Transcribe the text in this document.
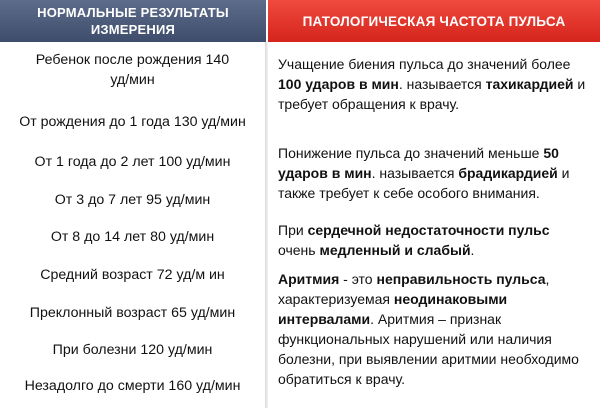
НОРМАЛЬНЫЕ РЕЗУЛЬТАТЫ
ИЗМЕРЕНИЯ
ПАТОЛОГИЧЕСКАЯ ЧАСТОТА ПУЛЬСА
Ребенок после рождения 140
уд/мин
От рождения до 1 года 130 уд/мин
От 1 года до 2 лет 100 уд/мин
От 3 до 7 лет 95 уд/мин
От 8 до 14 лет 80 уд/мин
Средний возраст 72 уд/м ин
Преклонный возраст 65 уд/мин
При болезни 120 уд/мин
Незадолго до смерти 160 уд/мин

Учащение биения пульса до значений более 100 ударов в мин. называется тахикардией и требует обращения к врачу.

Понижение пульса до значений меньше 50 ударов в мин. называется брадикардией и также требует к себе особого внимания.

При сердечной недостаточности пульс очень медленный и слабый.

Аритмия - это неправильность пульса, характеризуемая неодинаковыми интервалами. Аритмия – признак функциональных нарушений или наличия болезни, при выявлении аритмии необходимо обратиться к врачу.
